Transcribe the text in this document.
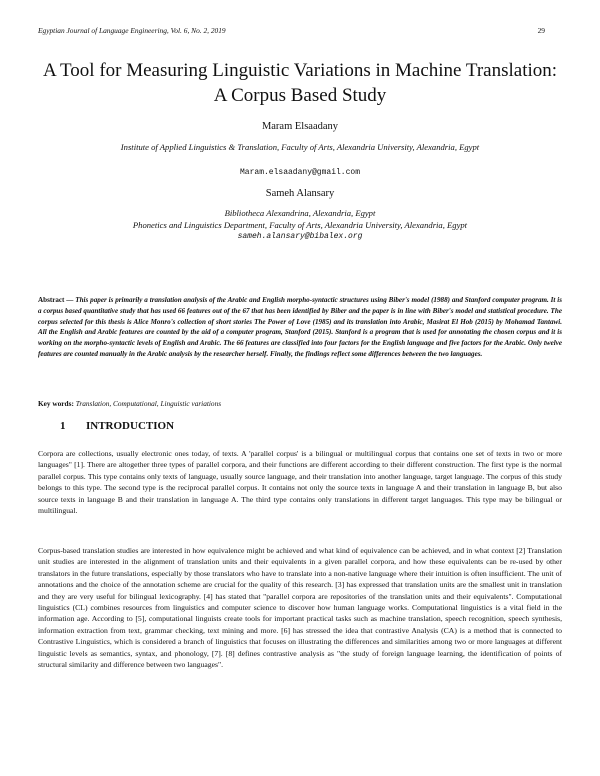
Egyptian Journal of Language Engineering, Vol. 6, No. 2, 2019	29
A Tool for Measuring Linguistic Variations in Machine Translation: A Corpus Based Study
Maram Elsaadany
Institute of Applied Linguistics & Translation, Faculty of Arts, Alexandria University, Alexandria, Egypt
Maram.elsaadany@gmail.com
Sameh Alansary
Bibliotheca Alexandrina, Alexandria, Egypt
Phonetics and Linguistics Department, Faculty of Arts, Alexandria University, Alexandria, Egypt
sameh.alansary@bibalex.org
Abstract — This paper is primarily a translation analysis of the Arabic and English morpho-syntactic structures using Biber's model (1988) and Stanford computer program. It is a corpus based quantitative study that has used 66 features out of the 67 that has been identified by Biber and the paper is in line with Biber's model and statistical procedure. The corpus selected for this thesis is Alice Monro's collection of short stories The Power of Love (1985) and its translation into Arabic, Masirat El Hob (2015) by Mohamad Tantawi. All the English and Arabic features are counted by the aid of a computer program, Stanford (2015). Stanford is a program that is used for annotating the chosen corpus and it is working on the morpho-syntactic levels of English and Arabic. The 66 features are classified into four factors for the English language and five factors for the Arabic. Only twelve features are counted manually in the Arabic analysis by the researcher herself. Finally, the findings reflect some differences between the two languages.
Key words: Translation, Computational, Linguistic variations
1 INTRODUCTION
Corpora are collections, usually electronic ones today, of texts. A 'parallel corpus' is a bilingual or multilingual corpus that contains one set of texts in two or more languages" [1]. There are altogether three types of parallel corpora, and their functions are different according to their different construction. The first type is the normal parallel corpus. This type contains only texts of language, usually source language, and their translation into another language, target language. The corpus of this study belongs to this type. The second type is the reciprocal parallel corpus. It contains not only the source texts in language A and their translation in language B, but also source texts in language B and their translation in language A. The third type contains only translations in different target languages. This type may be bilingual or multilingual.
Corpus-based translation studies are interested in how equivalence might be achieved and what kind of equivalence can be achieved, and in what context [2] Translation unit studies are interested in the alignment of translation units and their equivalents in a given parallel corpora, and how these equivalents can be re-used by other translators in the future translations, especially by those translators who have to translate into a non-native language where their intuition is often insufficient. The unit of annotations and the choice of the annotation scheme are crucial for the quality of this research. [3] has expressed that translation units are the smallest unit in translation and they are very useful for bilingual lexicography. [4] has stated that "parallel corpora are repositories of the translation units and their equivalents". Computational linguistics (CL) combines resources from linguistics and computer science to discover how human language works. Computational linguistics is a vital field in the information age. According to [5], computational linguists create tools for important practical tasks such as machine translation, speech recognition, speech synthesis, information extraction from text, grammar checking, text mining and more. [6] has stressed the idea that contrastive Analysis (CA) is a method that is connected to Contrastive Linguistics, which is considered a branch of linguistics that focuses on illustrating the differences and similarities among two or more languages at different linguistic levels as semantics, syntax, and phonology, [7]. [8] defines contrastive analysis as "the study of foreign language learning, the identification of points of structural similarity and difference between two languages".
